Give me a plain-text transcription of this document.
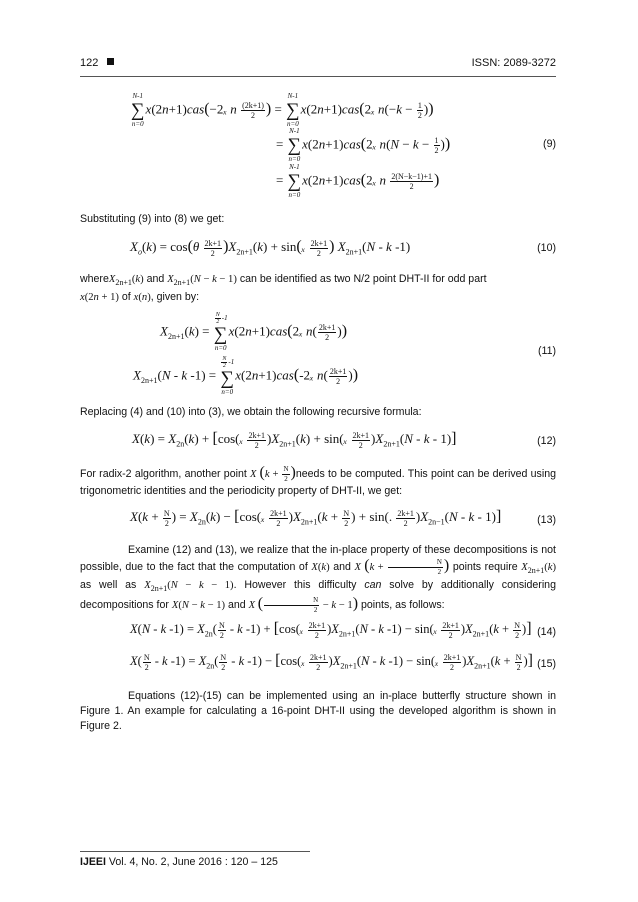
122	ISSN: 2089-3272
N-1
∑
n=0
x(2n+1)cas(−2ₓ n $\frac{(2k+1)}{2}$ ) =
N-1
∑
n=0
x(2n+1)cas(2ₓ $n(-k - \frac{1}{2}$ ))
=
N-1
∑
n=0
x(2n+1)cas(2ₓ $n(N - k - \frac{1}{2}$ ))	(9)
=
N-1
∑
n=0
x(2n+1)cas(2ₓ n $\frac{2(N-k-1)+1}{2}$ )
Substituting (9) into (8) we get:
$X_o(k) = \cos(\theta \frac{2k+1}{2} )X_{2n+1}(k) + \sin(_x \frac{2k+1}{2}$ ) $X_{2n+1}(N$ - k -1)	(10)
whereX$_{2n+1}$(k) and $X_{2n+1}(N - k - 1)$ can be identified as two N/2 point DHT-II for odd part
x(2n + 1) of x(n), given by:
$X_{2n+1}(k)$ =
$\frac{N}{2} -1$
∑
n=0
x(2n+1)cas(2ₓ $n( \frac{2k+1}{2}$ ))
(11)
$X_{2n+1}(N$ - k -1) =
$\frac{N}{2} -1$
∑
n=0
x(2n+1)cas(-2ₓ $n( \frac{2k+1}{2}$ ))
Replacing (4) and (10) into (3), we obtain the following recursive formula:
$X(k) = X_{2n}(k) + [\cos(_x \frac{2k+1}{2} )X_{2n+1}(k) + \sin(_x \frac{2k+1}{2} )X_{2n+1}(N - k - 1)]$	(12)
For radix-2 algorithm, another point X ($k + \frac{N}{2}$ )needs to be computed. This point can be derived using trigonometric identities and the periodicity property of DHT-II, we get:
$X(k + \frac{N}{2}$ ) = $X_{2n}(k) - [\cos(_x \frac{2k+1}{2} )X_{2n+1}(k + \frac{N}{2}$ ) + sin(. $\frac{2k+1}{2} )X_{2n-1}(N$ - k - 1)]	(13)
Examine (12) and (13), we realize that the in-place property of these decompositions is not possible, due to the fact that the computation of X(k) and X ($k + \frac{N}{2}$ ) points require $X_{2n+1}(k)$ as well as $X_{2n+1}(N - k - 1)$. However this difficulty can solve by additionally considering decompositions for X(N − k − 1) and X ( $\frac{N}{2} - k - 1$) points, as follows:
X(N - k $-1) = X_{2n}( \frac{N}{2} - k$ $-1) + [\cos(_x \frac{2k+1}{2} )X_{2n+1}(N - k$ $-1) - \sin(_x \frac{2k+1}{2} )X_{2n+1}(k + \frac{N}{2}$ )] (14)
$X( \frac{N}{2}$ - k $-1) = X_{2n}( \frac{N}{2} - k$ $-1) - [\cos(_x \frac{2k+1}{2} )X_{2n+1}(N - k$ $-1) - \sin(_x \frac{2k+1}{2} )X_{2n+1}(k + \frac{N}{2}$ )] (15)
Equations (12)-(15) can be implemented using an in-place butterfly structure shown in Figure 1. An example for calculating a 16-point DHT-II using the developed algorithm is shown in Figure 2.
IJEEI Vol. 4, No. 2, June 2016 : 120 – 125
